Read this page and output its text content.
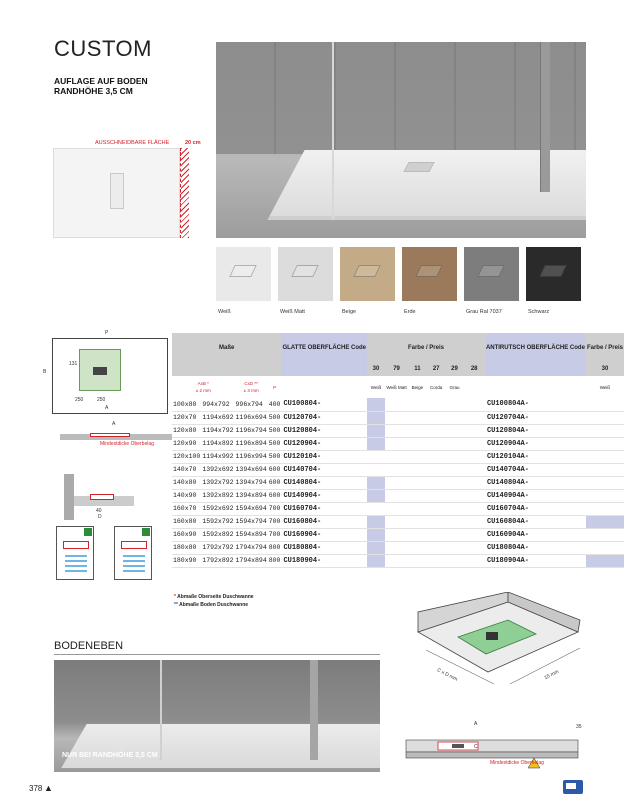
CUSTOM
AUFLAGE AUF BODEN
RANDHÖHE 3,5 CM
AUSSCHNEIDBARE FLÄCHE	20 cm
Weiß	Weiß Matt	Beige	Erde	Grau Ral 7037	Schwarz
P
B
131
250	250
A
A
Mindestdicke Oberbelag
40
D
Maße				GLATTE OBERFLÄCHE Code	Farbe / Preis						ANTIRUTSCH OBERFLÄCHE Code	Farbe / Preis
					30	79	11	27	29	28		30
AxB *
± 2 mm		CxD **
± 3 mm	P		Weiß	Weiß Matt	Beige	Corda	Grau	Schwarz		Weiß
100x80	994x792	996x794	400	CU100804-							CU100804A-	
120x70	1194x692	1196x694	500	CU120704-							CU120704A-	
120x80	1194x792	1196x794	500	CU120804-							CU120804A-	
120x90	1194x892	1196x894	500	CU120904-							CU120904A-	
120x100	1194x992	1196x994	500	CU120104-							CU120104A-	
140x70	1392x692	1394x694	600	CU140704-							CU140704A-	
140x80	1392x792	1394x794	600	CU140804-							CU140804A-	
140x90	1392x892	1394x894	600	CU140904-							CU140904A-	
160x70	1592x692	1594x694	700	CU160704-							CU160704A-	
160x80	1592x792	1594x794	700	CU160804-							CU160804A-	
160x90	1592x892	1594x894	700	CU160904-							CU160904A-	
180x80	1792x792	1794x794	800	CU180804-							CU180804A-	
180x90	1792x892	1794x894	800	CU180904-							CU180904A-	
* Abmaße Oberseite Duschwanne
** Abmaße Boden Duschwanne
C x D mm	15 mm
A
C
35
Mindestdicke Oberbelag
BODENEBEN
NUR BEI RANDHÖHE 3,5 CM
378 ▲
